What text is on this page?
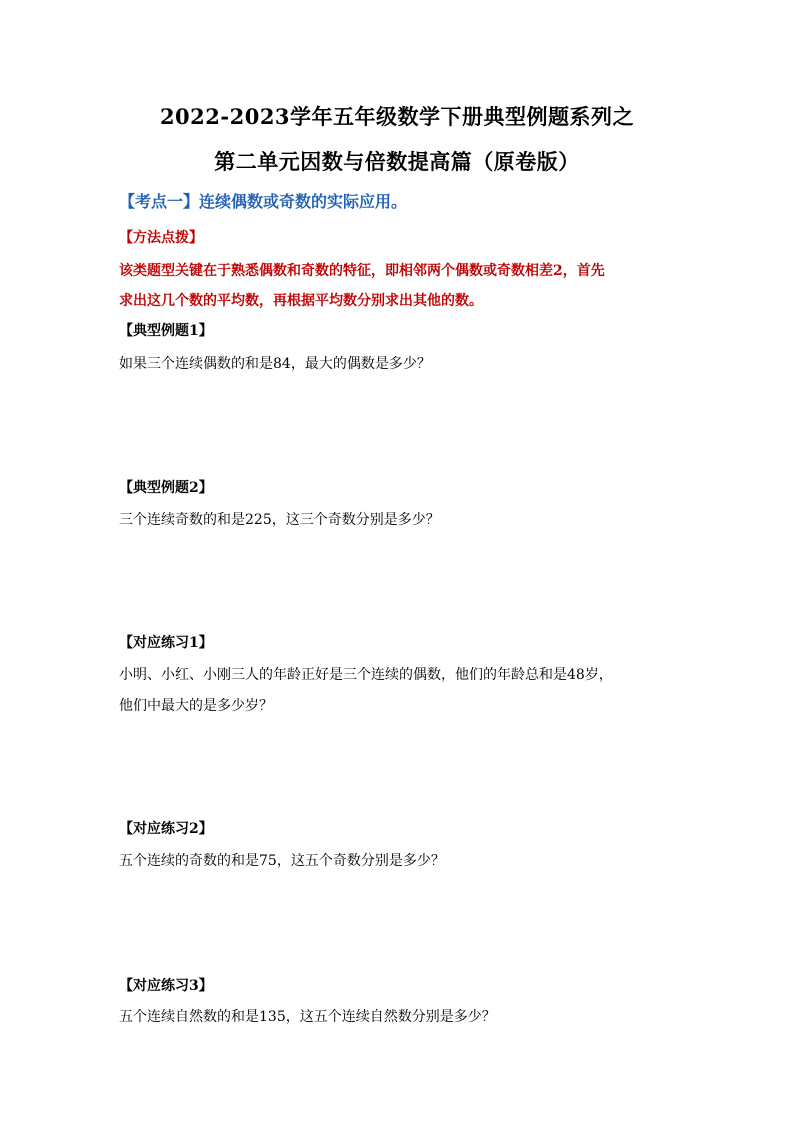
2022-2023学年五年级数学下册典型例题系列之
第二单元因数与倍数提高篇（原卷版）
【考点一】连续偶数或奇数的实际应用。
【方法点拨】
该类题型关键在于熟悉偶数和奇数的特征，即相邻两个偶数或奇数相差2，首先
求出这几个数的平均数，再根据平均数分别求出其他的数。
【典型例题1】
如果三个连续偶数的和是84，最大的偶数是多少？
【典型例题2】
三个连续奇数的和是225，这三个奇数分别是多少？
【对应练习1】
小明、小红、小刚三人的年龄正好是三个连续的偶数，他们的年龄总和是48岁，
他们中最大的是多少岁？
【对应练习2】
五个连续的奇数的和是75，这五个奇数分别是多少？
【对应练习3】
五个连续自然数的和是135，这五个连续自然数分别是多少？
